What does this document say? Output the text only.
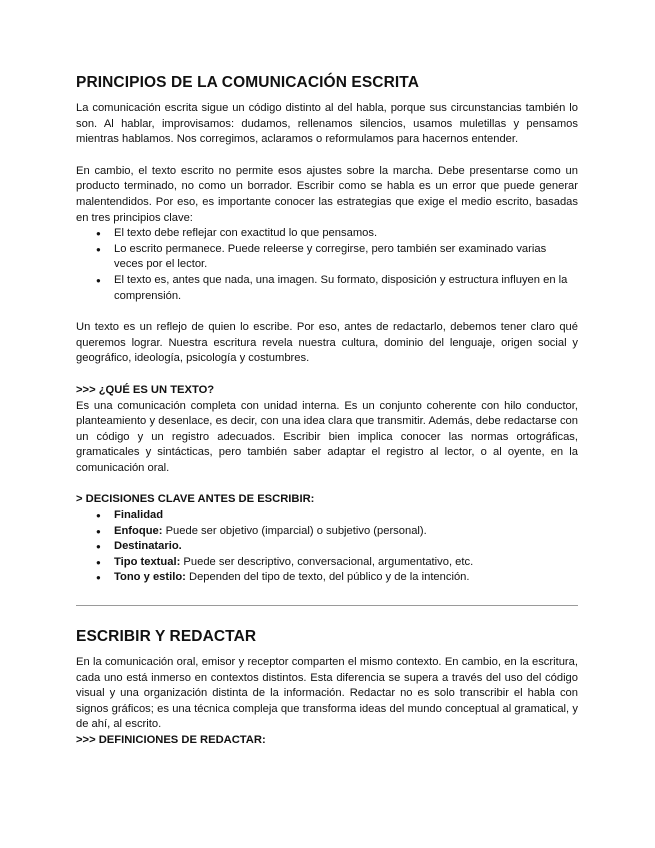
PRINCIPIOS DE LA COMUNICACIÓN ESCRITA

La comunicación escrita sigue un código distinto al del habla, porque sus circunstancias también lo son. Al hablar, improvisamos: dudamos, rellenamos silencios, usamos muletillas y pensamos mientras hablamos. Nos corregimos, aclaramos o reformulamos para hacernos entender.

En cambio, el texto escrito no permite esos ajustes sobre la marcha. Debe presentarse como un producto terminado, no como un borrador. Escribir como se habla es un error que puede generar malentendidos. Por eso, es importante conocer las estrategias que exige el medio escrito, basadas en tres principios clave:

● El texto debe reflejar con exactitud lo que pensamos.
● Lo escrito permanece. Puede releerse y corregirse, pero también ser examinado varias veces por el lector.
● El texto es, antes que nada, una imagen. Su formato, disposición y estructura influyen en la comprensión.

Un texto es un reflejo de quien lo escribe. Por eso, antes de redactarlo, debemos tener claro qué queremos lograr. Nuestra escritura revela nuestra cultura, dominio del lenguaje, origen social y geográfico, ideología, psicología y costumbres.

>>> ¿QUÉ ES UN TEXTO?

Es una comunicación completa con unidad interna. Es un conjunto coherente con hilo conductor, planteamiento y desenlace, es decir, con una idea clara que transmitir. Además, debe redactarse con un código y un registro adecuados. Escribir bien implica conocer las normas ortográficas, gramaticales y sintácticas, pero también saber adaptar el registro al lector, o al oyente, en la comunicación oral.

> DECISIONES CLAVE ANTES DE ESCRIBIR:
● Finalidad
● Enfoque: Puede ser objetivo (imparcial) o subjetivo (personal).
● Destinatario.
● Tipo textual: Puede ser descriptivo, conversacional, argumentativo, etc.
● Tono y estilo: Dependen del tipo de texto, del público y de la intención.
ESCRIBIR Y REDACTAR

En la comunicación oral, emisor y receptor comparten el mismo contexto. En cambio, en la escritura, cada uno está inmerso en contextos distintos. Esta diferencia se supera a través del uso del código visual y una organización distinta de la información. Redactar no es solo transcribir el habla con signos gráficos; es una técnica compleja que transforma ideas del mundo conceptual al gramatical, y de ahí, al escrito.

>>> DEFINICIONES DE REDACTAR:
